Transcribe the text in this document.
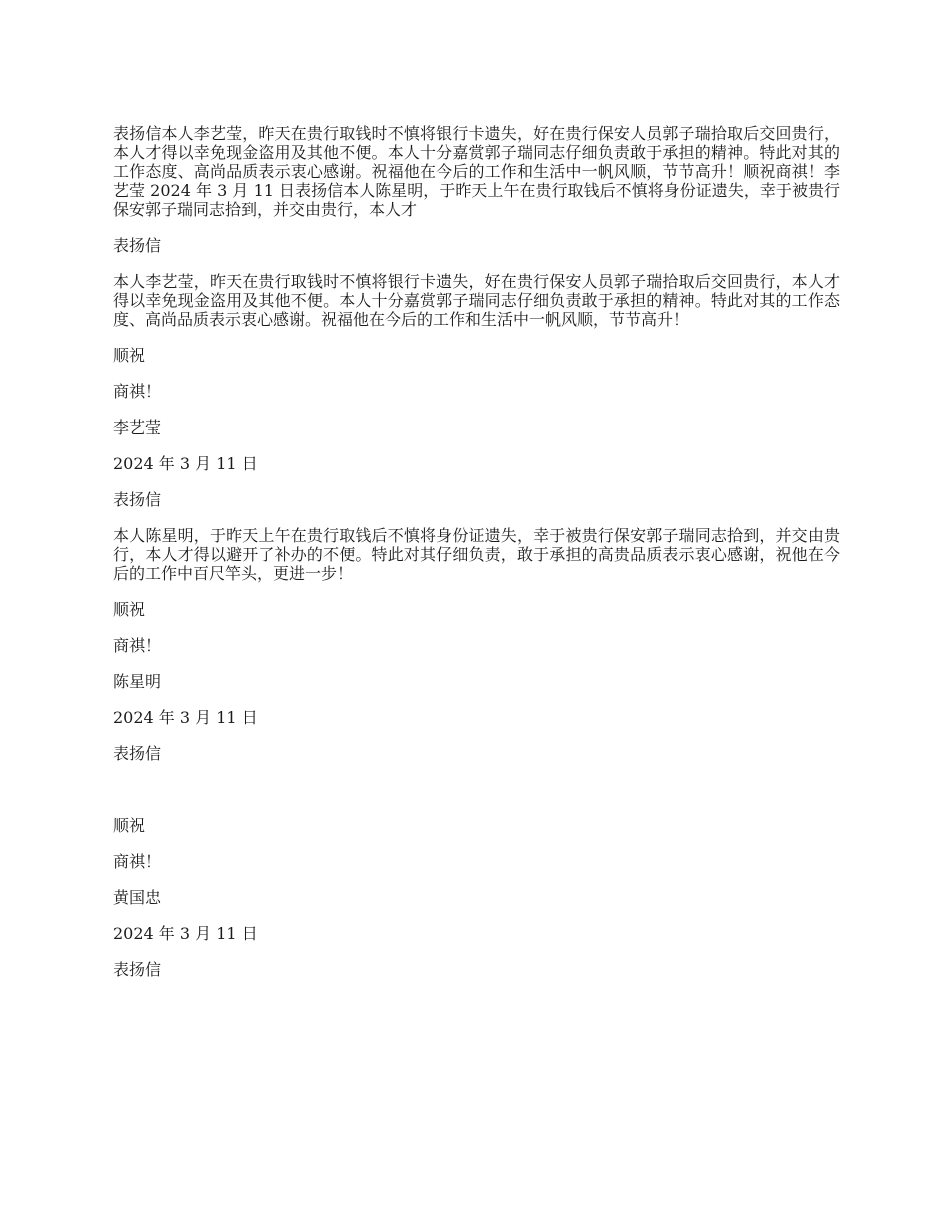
表扬信本人李艺莹，昨天在贵行取钱时不慎将银行卡遗失，好在贵行保安人员郭子瑞拾取后交回贵行，本人才得以幸免现金盗用及其他不便。本人十分嘉赏郭子瑞同志仔细负责敢于承担的精神。特此对其的工作态度、高尚品质表示衷心感谢。祝福他在今后的工作和生活中一帆风顺，节节高升！顺祝商祺！李艺莹 2024 年 3 月 11 日表扬信本人陈星明，于昨天上午在贵行取钱后不慎将身份证遗失，幸于被贵行保安郭子瑞同志拾到，并交由贵行，本人才

表扬信

本人李艺莹，昨天在贵行取钱时不慎将银行卡遗失，好在贵行保安人员郭子瑞拾取后交回贵行，本人才得以幸免现金盗用及其他不便。本人十分嘉赏郭子瑞同志仔细负责敢于承担的精神。特此对其的工作态度、高尚品质表示衷心感谢。祝福他在今后的工作和生活中一帆风顺，节节高升！

顺祝

商祺！

李艺莹

2024 年 3 月 11 日

表扬信

本人陈星明，于昨天上午在贵行取钱后不慎将身份证遗失，幸于被贵行保安郭子瑞同志拾到，并交由贵行，本人才得以避开了补办的不便。特此对其仔细负责，敢于承担的高贵品质表示衷心感谢，祝他在今后的工作中百尺竿头，更进一步！

顺祝

商祺！

陈星明

2024 年 3 月 11 日

表扬信

顺祝

商祺！

黄国忠

2024 年 3 月 11 日

表扬信
